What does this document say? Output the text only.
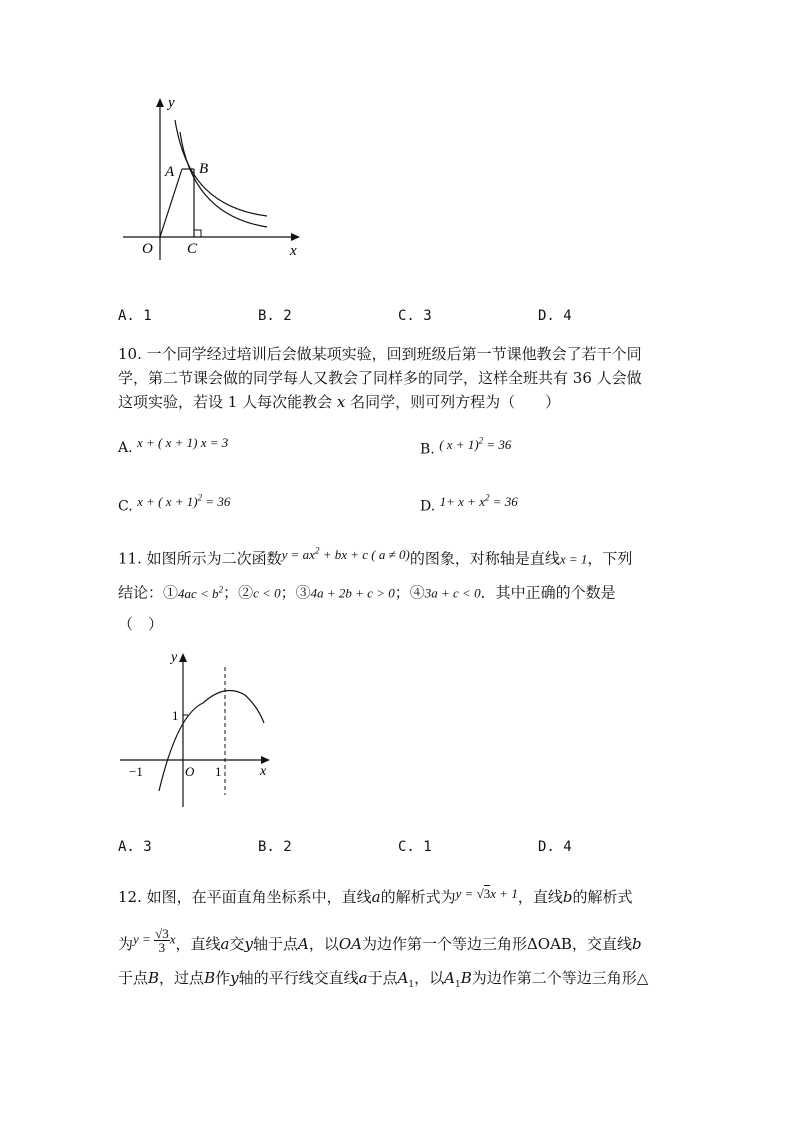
y
x
O
A B
C
A. 1	B. 2	C. 3	D. 4
10. 一个同学经过培训后会做某项实验，回到班级后第一节课他教会了若干个同
学，第二节课会做的同学每人又教会了同样多的同学，这样全班共有 36 人会做
这项实验，若设 1 人每次能教会 x 名同学，则可列方程为（　　）
A. x + ( x + 1) x = 3	B. ( x + 1)$^2$ = 36
C. x + ( x + 1)$^2$ = 36	D. $1+ x + x^2 = 36$
11. 如图所示为二次函数$y = ax^2$ + bx + c ( a ≠ 0)的图象，对称轴是直线x = 1，下列
结论：①4ac < $b^2$；②c < 0；③4a + 2b + c > 0；④3a + c < 0．其中正确的个数是
（　）
y
x
O
1
1
−1
A. 3	B. 2	C. 1	D. 4
12. 如图，在平面直角坐标系中，直线a的解析式为y = √3x + 1，直线b的解析式
为$y = \frac{√3}{3}$ x，直线a交y轴于点A，以OA为边作第一个等边三角形ΔOAB，交直线b
于点B，过点B作y轴的平行线交直线a于点$A_1$，以$A_1B$为边作第二个等边三角形△
